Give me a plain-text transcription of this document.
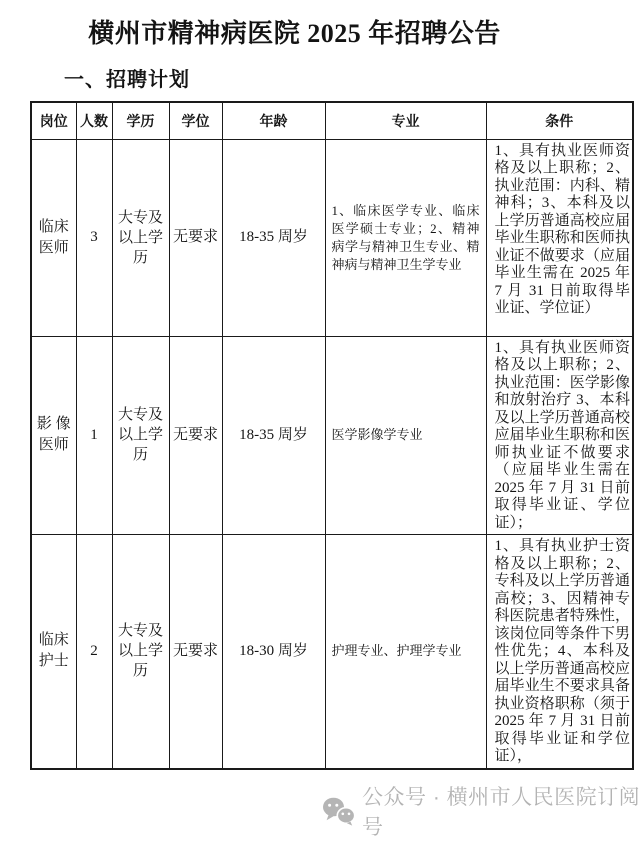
横州市精神病医院 2025 年招聘公告
一、招聘计划
岗位	人数	学历	学位	年龄	专业	条件
临床医师	3	大专及以上学历	无要求	18-35 周岁	1、临床医学专业、临床医学硕士专业；2、精神病学与精神卫生专业、精神病与精神卫生学专业	1、具有执业医师资格及以上职称；2、执业范围：内科、精神科；3、本科及以上学历普通高校应届毕业生职称和医师执业证不做要求（应届毕业生需在 2025 年 7 月 31 日前取得毕业证、学位证）
影 像医师	1	大专及以上学历	无要求	18-35 周岁	医学影像学专业	1、具有执业医师资格及以上职称；2、执业范围：医学影像和放射治疗 3、本科及以上学历普通高校应届毕业生职称和医师执业证不做要求（应届毕业生需在 2025 年 7 月 31 日前取得毕业证、学位证）；
临床护士	2	大专及以上学历	无要求	18-30 周岁	护理专业、护理学专业	1、具有执业护士资格及以上职称；2、专科及以上学历普通高校；3、因精神专科医院患者特殊性，该岗位同等条件下男性优先；4、本科及以上学历普通高校应届毕业生不要求具备执业资格职称（须于 2025 年 7 月 31 日前取得毕业证和学位证），
公众号 · 横州市人民医院订阅号
